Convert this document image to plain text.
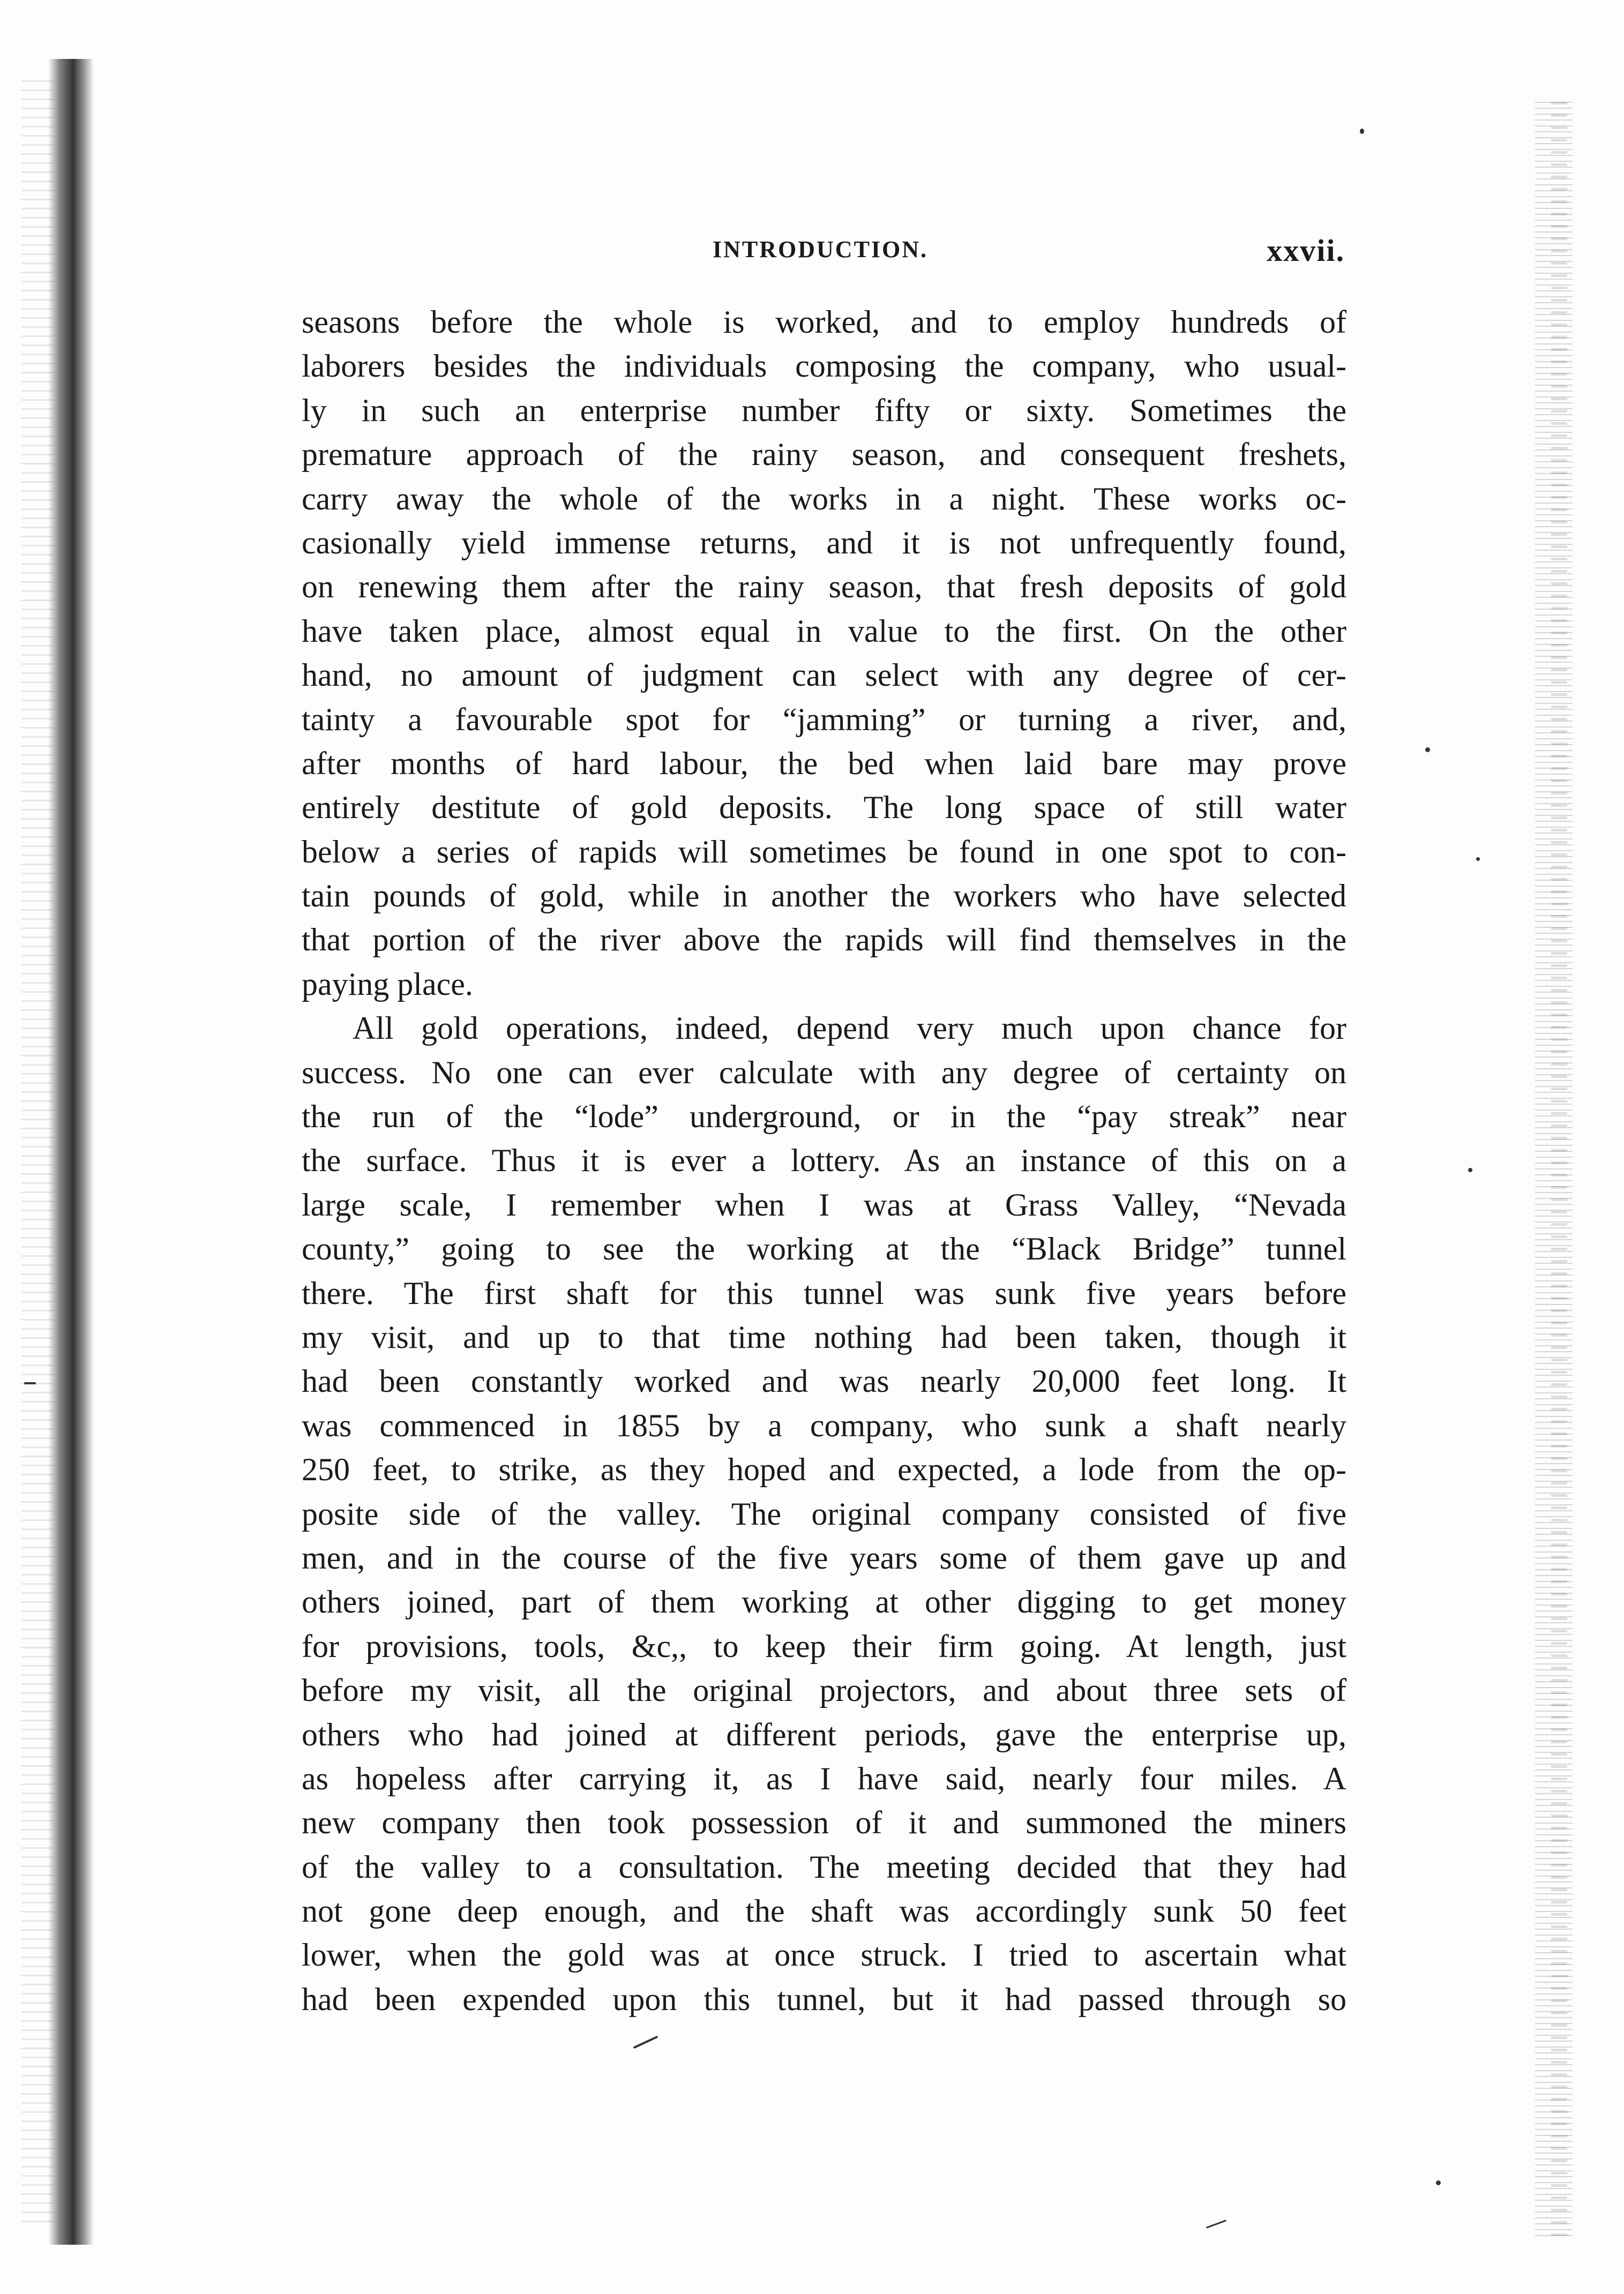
INTRODUCTION.	xxvii.
seasons before the whole is worked, and to employ hundreds of
laborers besides the individuals composing the company, who usual-
ly in such an enterprise number fifty or sixty. Sometimes the
premature approach of the rainy season, and consequent freshets,
carry away the whole of the works in a night. These works oc-
casionally yield immense returns, and it is not unfrequently found,
on renewing them after the rainy season, that fresh deposits of gold
have taken place, almost equal in value to the first. On the other
hand, no amount of judgment can select with any degree of cer-
tainty a favourable spot for “jamming” or turning a river, and,
after months of hard labour, the bed when laid bare may prove
entirely destitute of gold deposits. The long space of still water
below a series of rapids will sometimes be found in one spot to con-
tain pounds of gold, while in another the workers who have selected
that portion of the river above the rapids will find themselves in the
paying place.
All gold operations, indeed, depend very much upon chance for
success. No one can ever calculate with any degree of certainty on
the run of the “lode” underground, or in the “pay streak” near
the surface. Thus it is ever a lottery. As an instance of this on a
large scale, I remember when I was at Grass Valley, “Nevada
county,” going to see the working at the “Black Bridge” tunnel
there. The first shaft for this tunnel was sunk five years before
my visit, and up to that time nothing had been taken, though it
had been constantly worked and was nearly 20,000 feet long. It
was commenced in 1855 by a company, who sunk a shaft nearly
250 feet, to strike, as they hoped and expected, a lode from the op-
posite side of the valley. The original company consisted of five
men, and in the course of the five years some of them gave up and
others joined, part of them working at other digging to get money
for provisions, tools, &c,, to keep their firm going. At length, just
before my visit, all the original projectors, and about three sets of
others who had joined at different periods, gave the enterprise up,
as hopeless after carrying it, as I have said, nearly four miles. A
new company then took possession of it and summoned the miners
of the valley to a consultation. The meeting decided that they had
not gone deep enough, and the shaft was accordingly sunk 50 feet
lower, when the gold was at once struck. I tried to ascertain what
had been expended upon this tunnel, but it had passed through so
